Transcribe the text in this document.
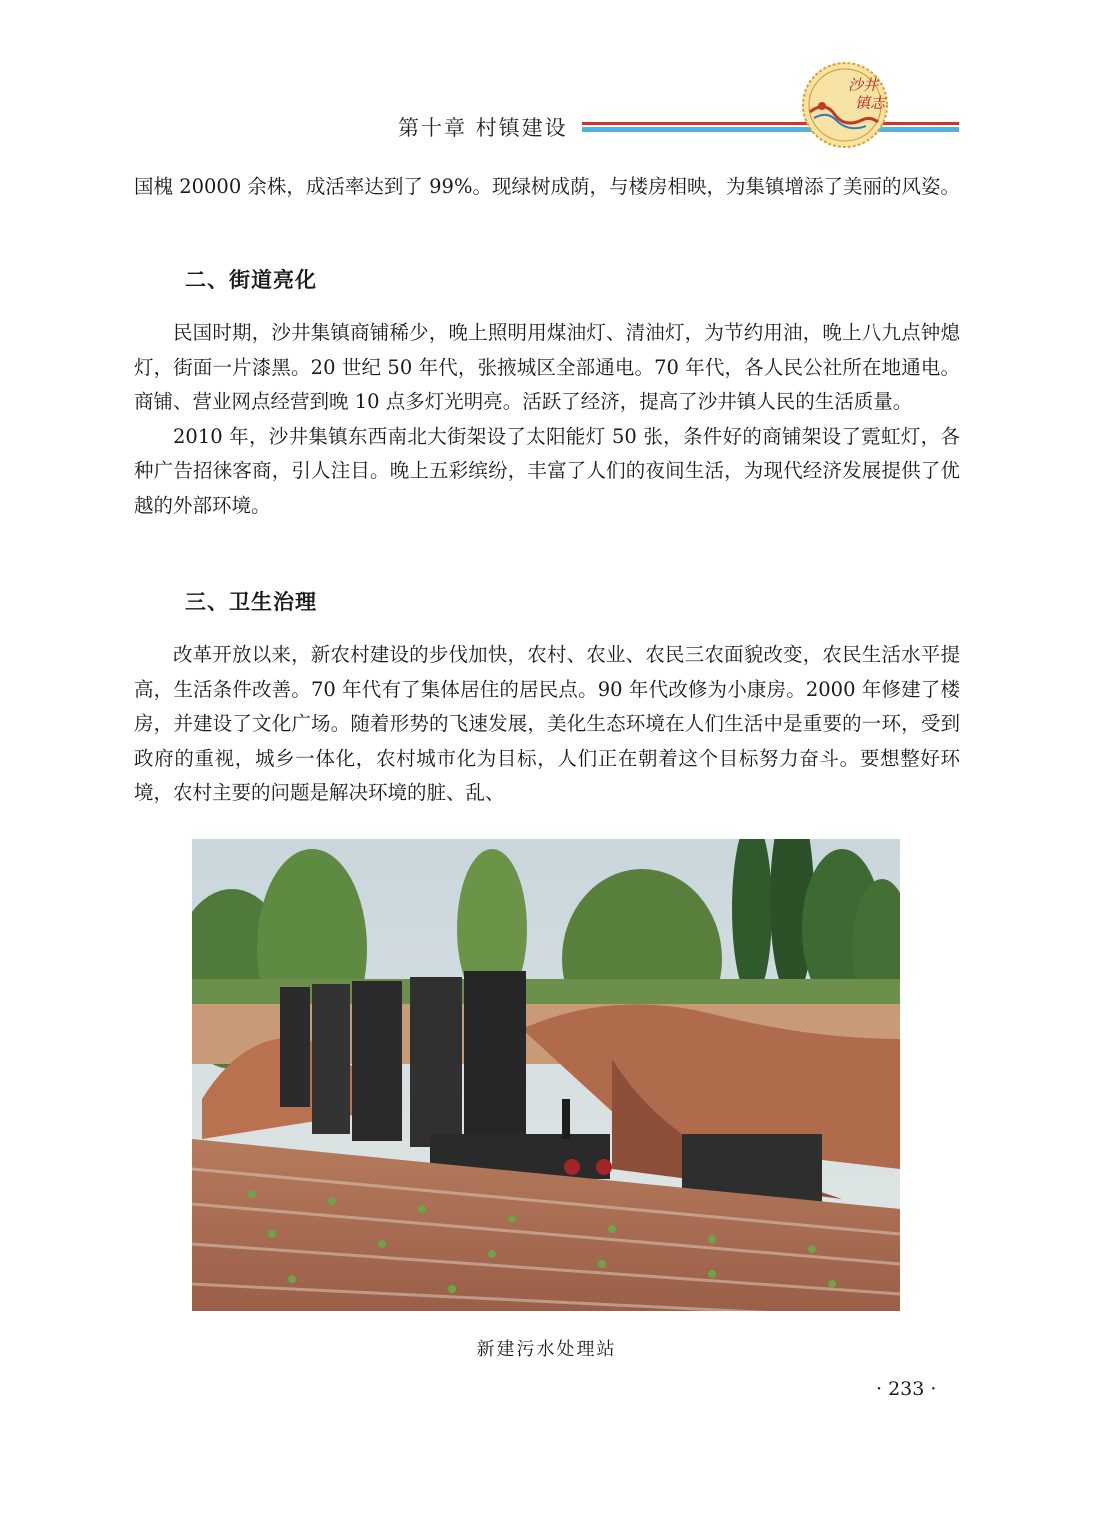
第十章 村镇建设
沙井
镇志

国槐 20000 余株，成活率达到了 99%。现绿树成荫，与楼房相映，为集镇增添了美丽的风姿。

二、街道亮化

民国时期，沙井集镇商铺稀少，晚上照明用煤油灯、清油灯，为节约用油，晚上八九点钟熄灯，街面一片漆黑。20 世纪 50 年代，张掖城区全部通电。70 年代，各人民公社所在地通电。商铺、营业网点经营到晚 10 点多灯光明亮。活跃了经济，提高了沙井镇人民的生活质量。

2010 年，沙井集镇东西南北大街架设了太阳能灯 50 张，条件好的商铺架设了霓虹灯，各种广告招徕客商，引人注目。晚上五彩缤纷，丰富了人们的夜间生活，为现代经济发展提供了优越的外部环境。

三、卫生治理

改革开放以来，新农村建设的步伐加快，农村、农业、农民三农面貌改变，农民生活水平提高，生活条件改善。70 年代有了集体居住的居民点。90 年代改修为小康房。2000 年修建了楼房，并建设了文化广场。随着形势的飞速发展，美化生态环境在人们生活中是重要的一环，受到政府的重视，城乡一体化，农村城市化为目标，人们正在朝着这个目标努力奋斗。要想整好环境，农村主要的问题是解决环境的脏、乱、

新建污水处理站
· 233 ·
